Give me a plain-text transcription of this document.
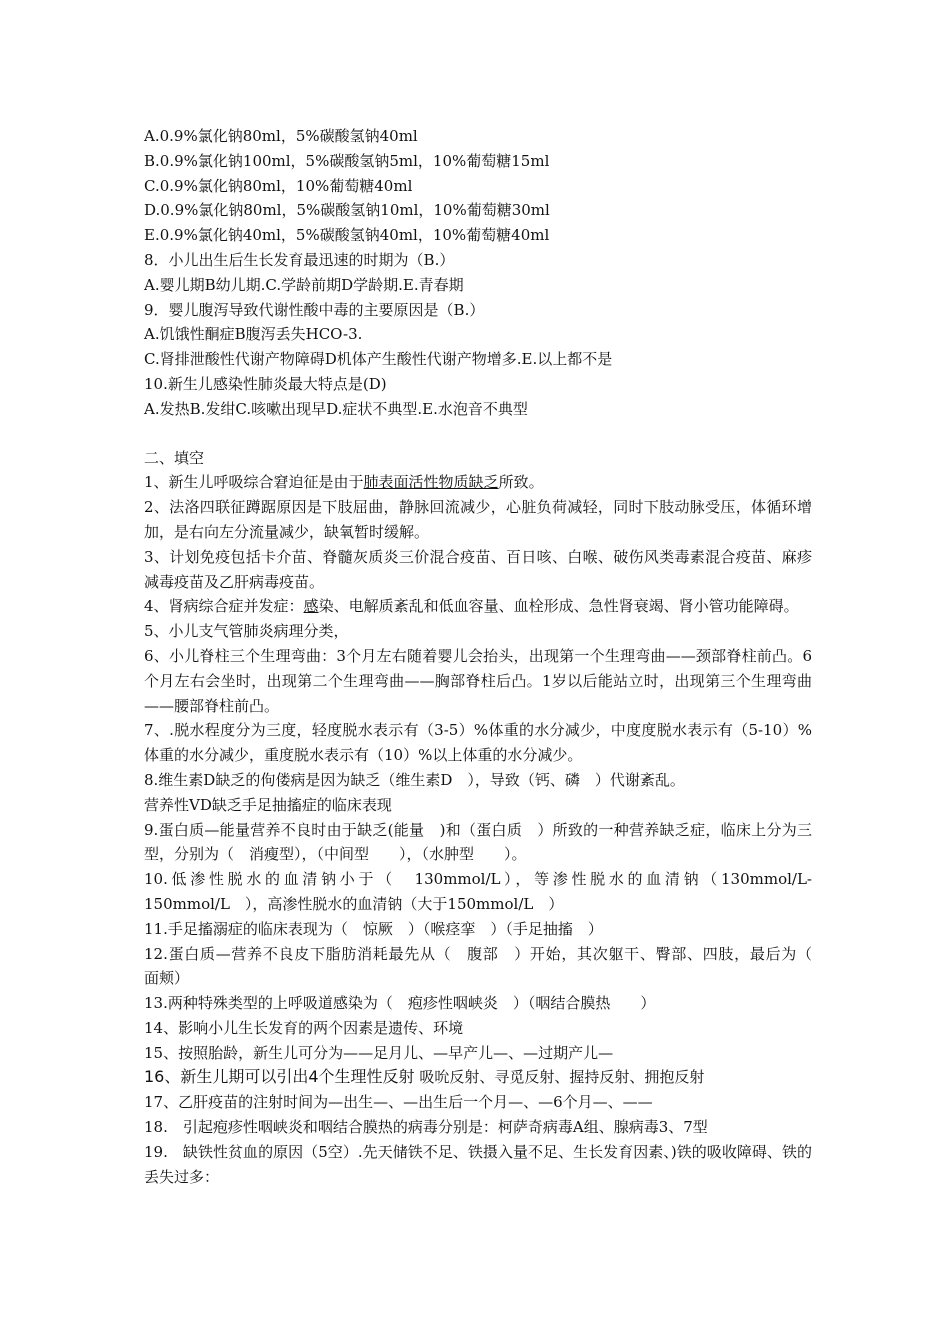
A.0.9%氯化钠80ml，5%碳酸氢钠40ml
B.0.9%氯化钠100ml，5%碳酸氢钠5ml，10%葡萄糖15ml
C.0.9%氯化钠80ml，10%葡萄糖40ml
D.0.9%氯化钠80ml，5%碳酸氢钠10ml，10%葡萄糖30ml
E.0.9%氯化钠40ml，5%碳酸氢钠40ml，10%葡萄糖40ml
8．小儿出生后生长发育最迅速的时期为（B.）
A.婴儿期B幼儿期.C.学龄前期D学龄期.E.青春期
9．婴儿腹泻导致代谢性酸中毒的主要原因是（B.）
A.饥饿性酮症B腹泻丢失HCO-3.
C.肾排泄酸性代谢产物障碍D机体产生酸性代谢产物增多.E.以上都不是
10.新生儿感染性肺炎最大特点是(D)
A.发热B.发绀C.咳嗽出现早D.症状不典型.E.水泡音不典型
二、填空
1、新生儿呼吸综合窘迫征是由于肺表面活性物质缺乏所致。
2、法洛四联征蹲踞原因是下肢屈曲，静脉回流减少，心脏负荷减轻，同时下肢动脉受压，体循环增加，是右向左分流量减少，缺氧暂时缓解。
3、计划免疫包括卡介苗、脊髓灰质炎三价混合疫苗、百日咳、白喉、破伤风类毒素混合疫苗、麻疹减毒疫苗及乙肝病毒疫苗。
4、肾病综合症并发症：感染、电解质紊乱和低血容量、血栓形成、急性肾衰竭、肾小管功能障碍。
5、小儿支气管肺炎病理分类，
6、小儿脊柱三个生理弯曲：3个月左右随着婴儿会抬头，出现第一个生理弯曲——颈部脊柱前凸。6个月左右会坐时，出现第二个生理弯曲——胸部脊柱后凸。1岁以后能站立时，出现第三个生理弯曲——腰部脊柱前凸。
7、.脱水程度分为三度，轻度脱水表示有（3-5）%体重的水分减少，中度度脱水表示有（5-10）%体重的水分减少，重度脱水表示有（10）%以上体重的水分减少。
8.维生素D缺乏的佝偻病是因为缺乏（维生素D　），导致（钙、磷　）代谢紊乱。
营养性VD缺乏手足抽搐症的临床表现
9.蛋白质—能量营养不良时由于缺乏(能量　)和（蛋白质　）所致的一种营养缺乏症，临床上分为三型，分别为（　消瘦型），（中间型　　），（水肿型　　）。
10.低渗性脱水的血清钠小于（　130mmol/L），等渗性脱水的血清钠（130mmol/L-150mmol/L　），高渗性脱水的血清钠（大于150mmol/L　）
11.手足搐溺症的临床表现为（　惊厥　）（喉痉挛　）（手足抽搐　）
12.蛋白质—营养不良皮下脂肪消耗最先从（　腹部　）开始，其次躯干、臀部、四肢，最后为（　面颊）
13.两种特殊类型的上呼吸道感染为（　疱疹性咽峡炎　）（咽结合膜热　　）
14、影响小儿生长发育的两个因素是遗传、环境
15、按照胎龄，新生儿可分为——足月儿、—早产儿—、—过期产儿—
16、新生儿期可以引出4个生理性反射 吸吮反射、寻觅反射、握持反射、拥抱反射
17、乙肝疫苗的注射时间为—出生—、—出生后一个月—、—6个月—、——
18.　引起疱疹性咽峡炎和咽结合膜热的病毒分别是：柯萨奇病毒A组、腺病毒3、7型
19.　缺铁性贫血的原因（5空）.先天储铁不足、铁摄入量不足、生长发育因素、)铁的吸收障碍、铁的丢失过多：
